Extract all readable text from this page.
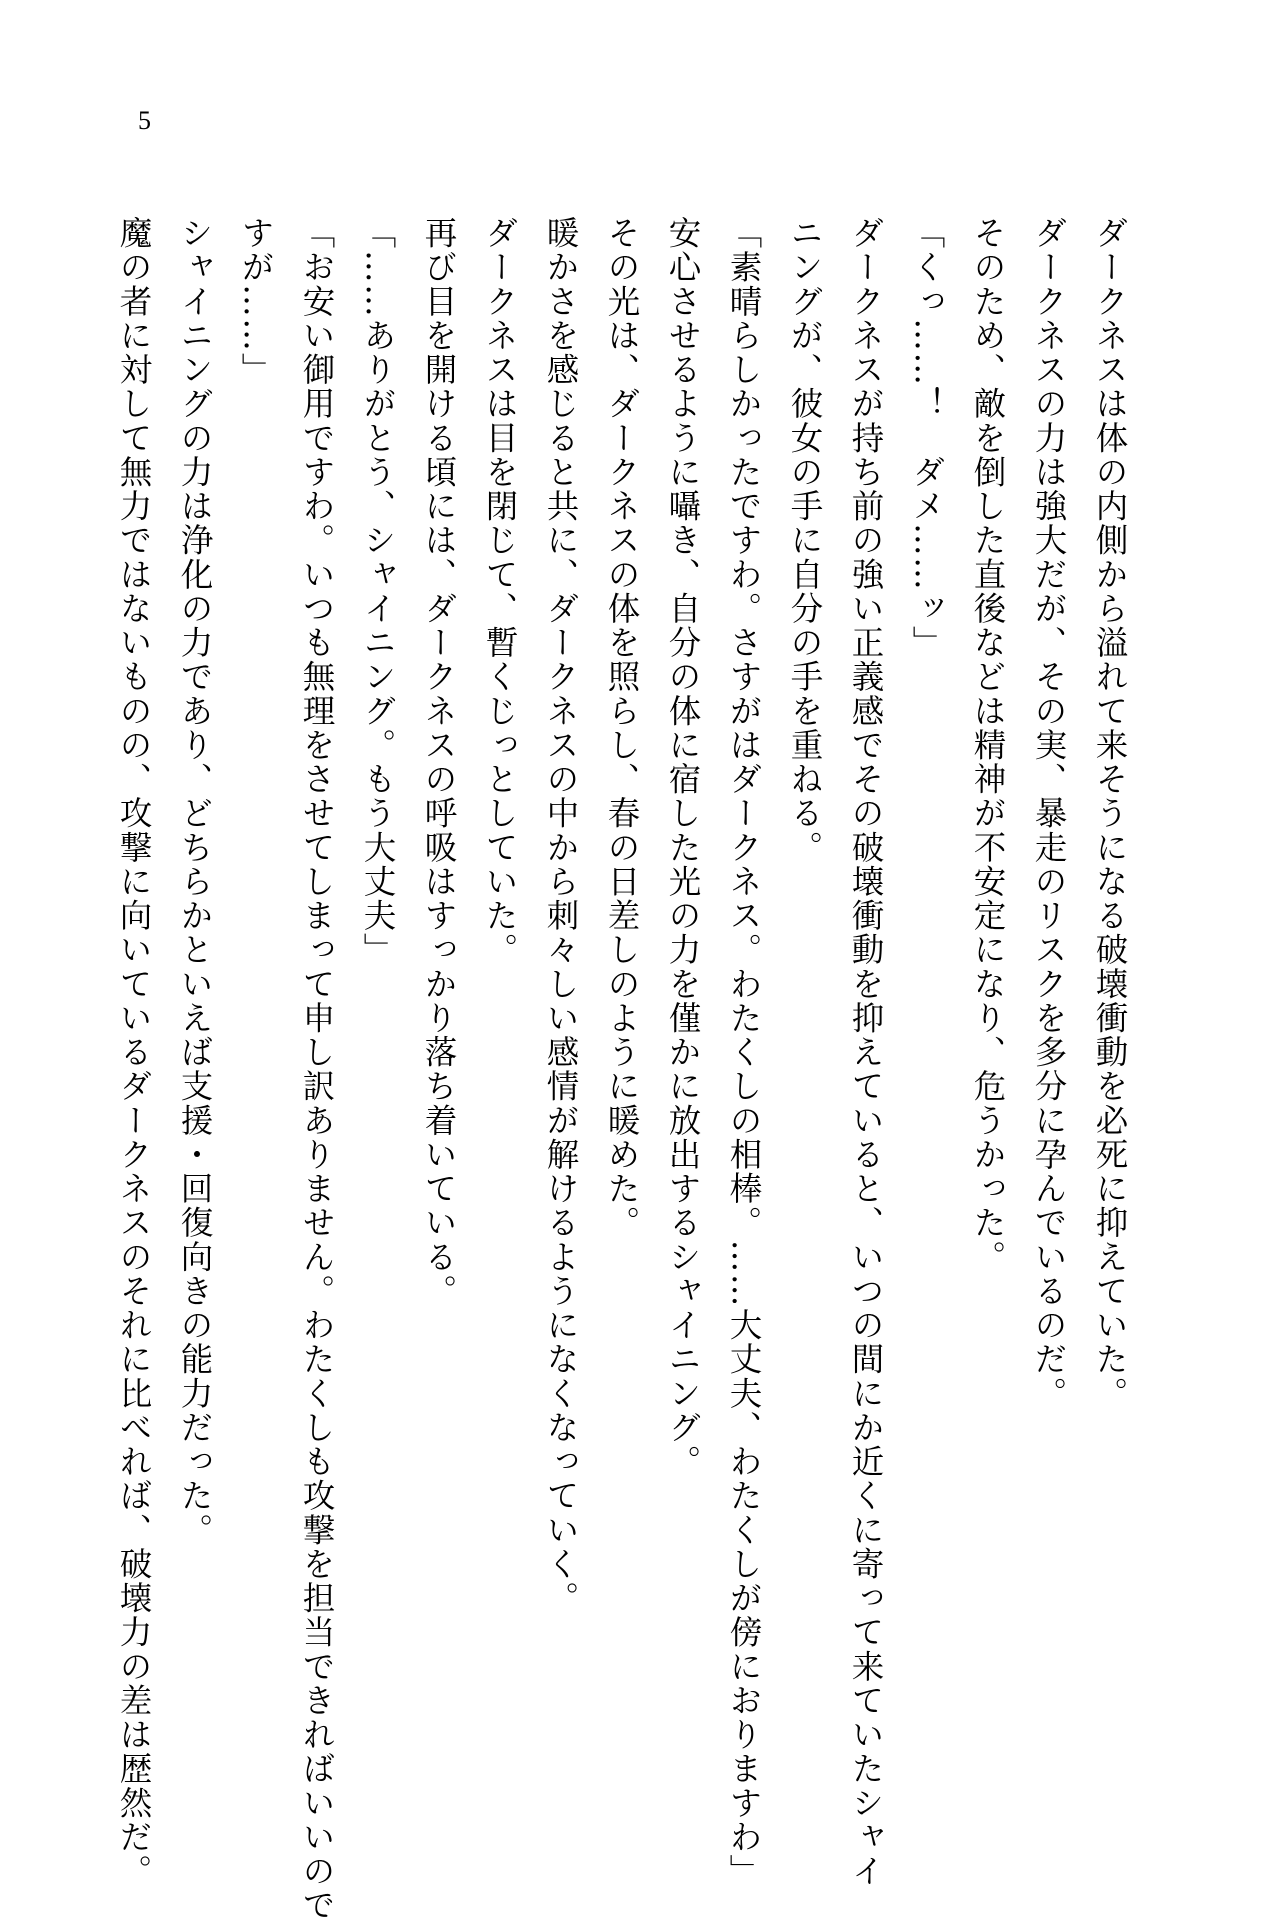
5
ダークネスは体の内側から溢れて来そうになる破壊衝動を必死に抑えていた。
ダークネスの力は強大だが、その実、暴走のリスクを多分に孕んでいるのだ。
そのため、敵を倒した直後などは精神が不安定になり、危うかった。
「くっ……！　ダメ……ッ」
ダークネスが持ち前の強い正義感でその破壊衝動を抑えていると、いつの間にか近くに寄って来ていたシャイ
ニングが、彼女の手に自分の手を重ねる。
「素晴らしかったですわ。さすがはダークネス。わたくしの相棒。……大丈夫、わたくしが傍におりますわ」
安心させるように囁き、自分の体に宿した光の力を僅かに放出するシャイニング。
その光は、ダークネスの体を照らし、春の日差しのように暖めた。
暖かさを感じると共に、ダークネスの中から刺々しい感情が解けるようになくなっていく。
ダークネスは目を閉じて、暫くじっとしていた。
再び目を開ける頃には、ダークネスの呼吸はすっかり落ち着いている。
「……ありがとう、シャイニング。もう大丈夫」
「お安い御用ですわ。いつも無理をさせてしまって申し訳ありません。わたくしも攻撃を担当できればいいので
すが……」
シャイニングの力は浄化の力であり、どちらかといえば支援・回復向きの能力だった。
魔の者に対して無力ではないものの、攻撃に向いているダークネスのそれに比べれば、破壊力の差は歴然だ。
